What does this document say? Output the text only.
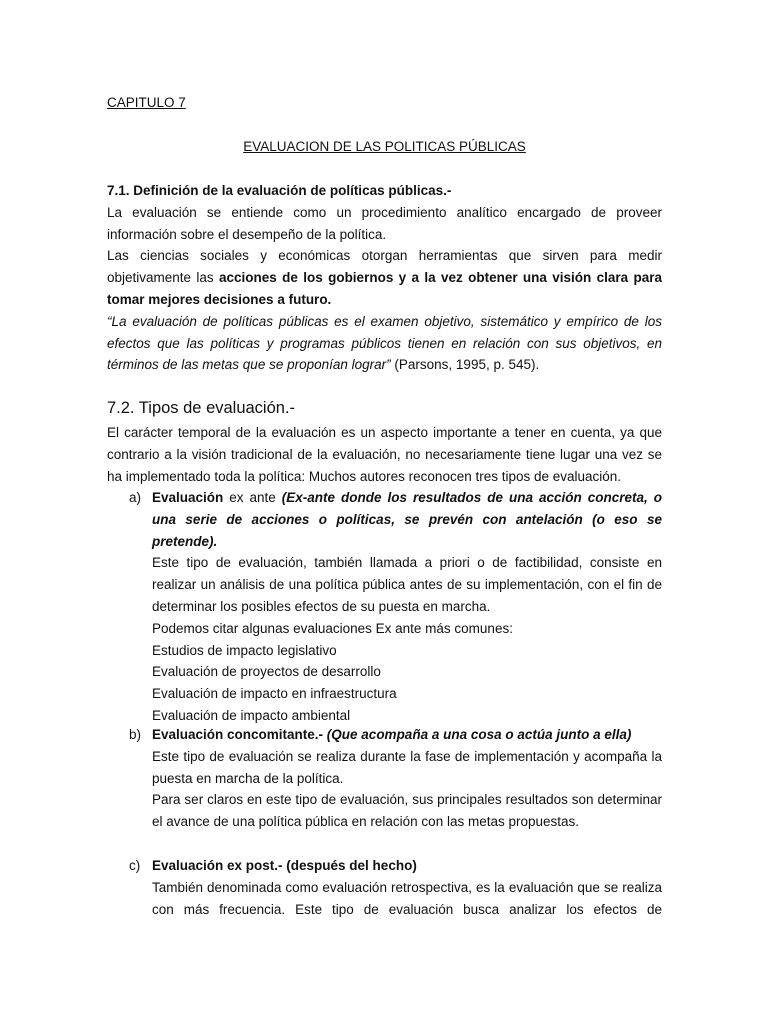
CAPITULO 7
EVALUACION DE LAS POLITICAS PÚBLICAS
7.1. Definición de la evaluación de políticas públicas.-
La evaluación se entiende como un procedimiento analítico encargado de proveer información sobre el desempeño de la política.
Las ciencias sociales y económicas otorgan herramientas que sirven para medir objetivamente las acciones de los gobiernos y a la vez obtener una visión clara para tomar mejores decisiones a futuro.
“La evaluación de políticas públicas es el examen objetivo, sistemático y empírico de los efectos que las políticas y programas públicos tienen en relación con sus objetivos, en términos de las metas que se proponían lograr” (Parsons, 1995, p. 545).
7.2. Tipos de evaluación.-
El carácter temporal de la evaluación es un aspecto importante a tener en cuenta, ya que contrario a la visión tradicional de la evaluación, no necesariamente tiene lugar una vez se ha implementado toda la política: Muchos autores reconocen tres tipos de evaluación.
a) Evaluación ex ante (Ex-ante donde los resultados de una acción concreta, o una serie de acciones o políticas, se prevén con antelación (o eso se pretende).
Este tipo de evaluación, también llamada a priori o de factibilidad, consiste en realizar un análisis de una política pública antes de su implementación, con el fin de determinar los posibles efectos de su puesta en marcha.
Podemos citar algunas evaluaciones Ex ante más comunes:
Estudios de impacto legislativo
Evaluación de proyectos de desarrollo
Evaluación de impacto en infraestructura
Evaluación de impacto ambiental
b) Evaluación concomitante.- (Que acompaña a una cosa o actúa junto a ella)
Este tipo de evaluación se realiza durante la fase de implementación y acompaña la puesta en marcha de la política.
Para ser claros en este tipo de evaluación, sus principales resultados son determinar el avance de una política pública en relación con las metas propuestas.
c) Evaluación ex post.- (después del hecho)
También denominada como evaluación retrospectiva, es la evaluación que se realiza con más frecuencia. Este tipo de evaluación busca analizar los efectos de
